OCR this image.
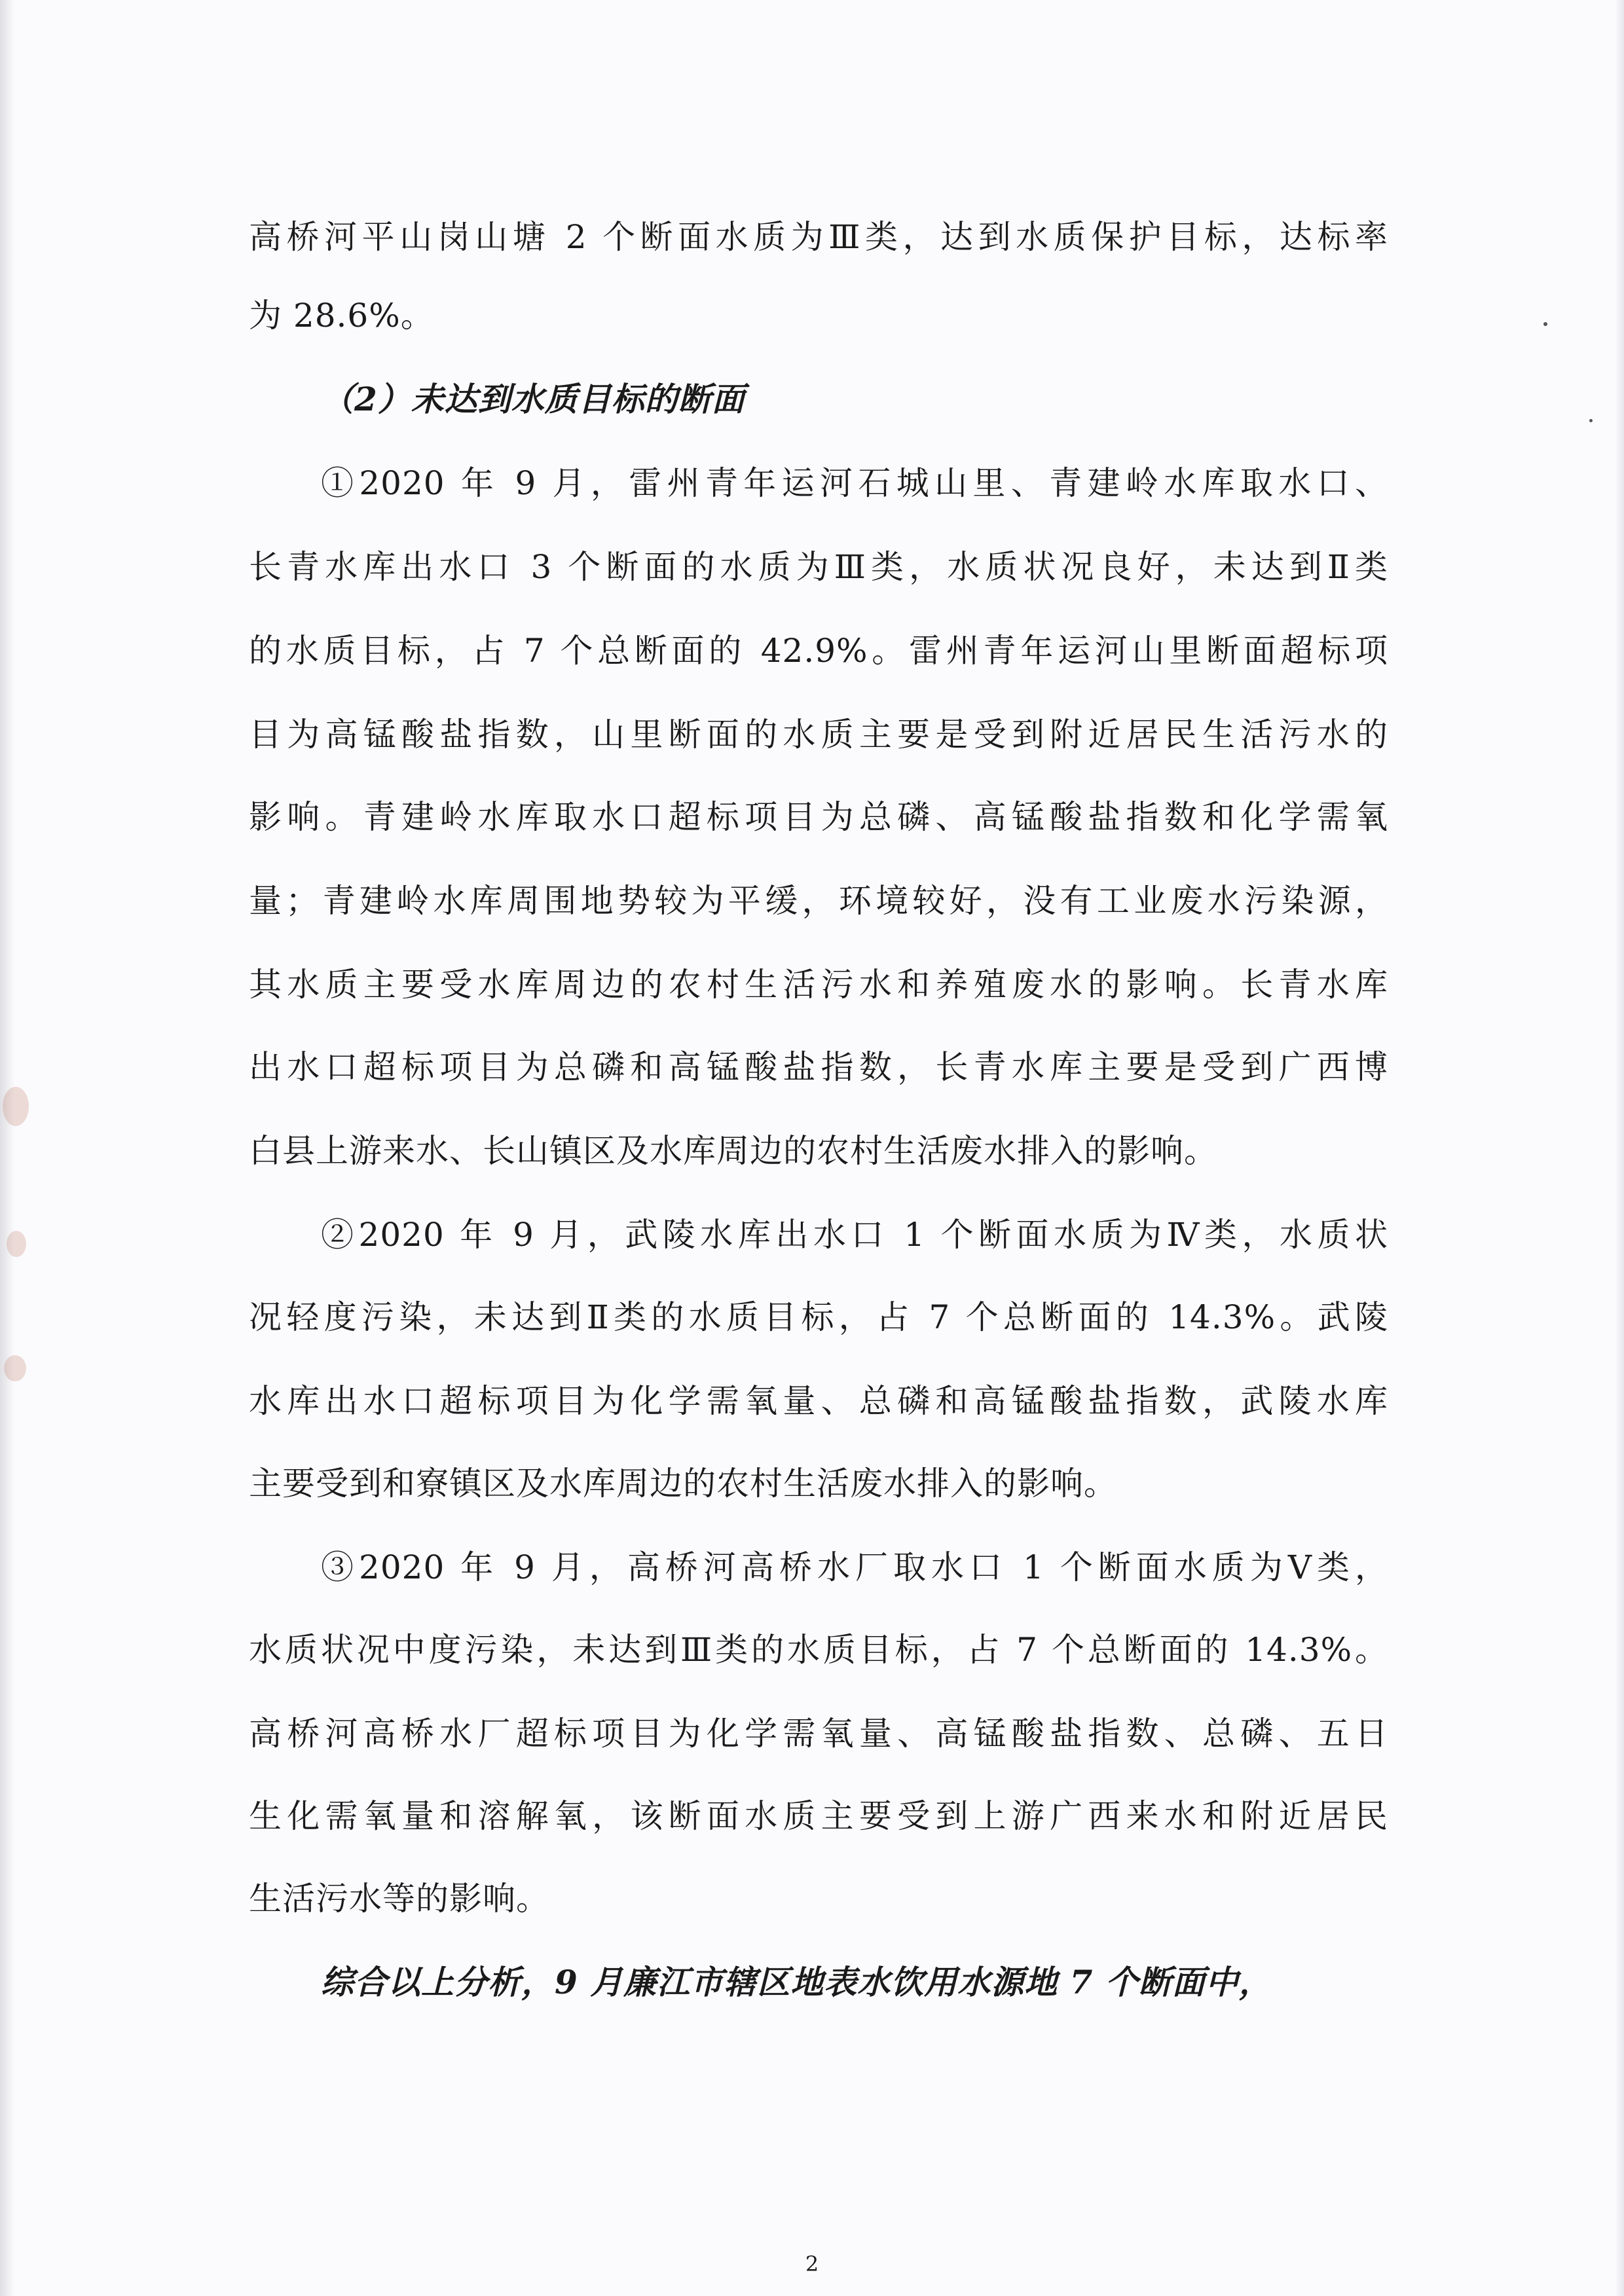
高桥河平山岗山塘 2 个断面水质为Ⅲ类，达到水质保护目标，达标率
为 28.6%。
（2）未达到水质目标的断面
①2020 年 9 月，雷州青年运河石城山里、青建岭水库取水口、
长青水库出水口 3 个断面的水质为Ⅲ类，水质状况良好，未达到Ⅱ类
的水质目标，占 7 个总断面的 42.9%。雷州青年运河山里断面超标项
目为高锰酸盐指数，山里断面的水质主要是受到附近居民生活污水的
影响。青建岭水库取水口超标项目为总磷、高锰酸盐指数和化学需氧
量；青建岭水库周围地势较为平缓，环境较好，没有工业废水污染源，
其水质主要受水库周边的农村生活污水和养殖废水的影响。长青水库
出水口超标项目为总磷和高锰酸盐指数，长青水库主要是受到广西博
白县上游来水、长山镇区及水库周边的农村生活废水排入的影响。
②2020 年 9 月，武陵水库出水口 1 个断面水质为Ⅳ类，水质状
况轻度污染，未达到Ⅱ类的水质目标，占 7 个总断面的 14.3%。武陵
水库出水口超标项目为化学需氧量、总磷和高锰酸盐指数，武陵水库
主要受到和寮镇区及水库周边的农村生活废水排入的影响。
③2020 年 9 月，高桥河高桥水厂取水口 1 个断面水质为Ⅴ类，
水质状况中度污染，未达到Ⅲ类的水质目标，占 7 个总断面的 14.3%。
高桥河高桥水厂超标项目为化学需氧量、高锰酸盐指数、总磷、五日
生化需氧量和溶解氧，该断面水质主要受到上游广西来水和附近居民
生活污水等的影响。
综合以上分析，9 月廉江市辖区地表水饮用水源地 7 个断面中，
2
